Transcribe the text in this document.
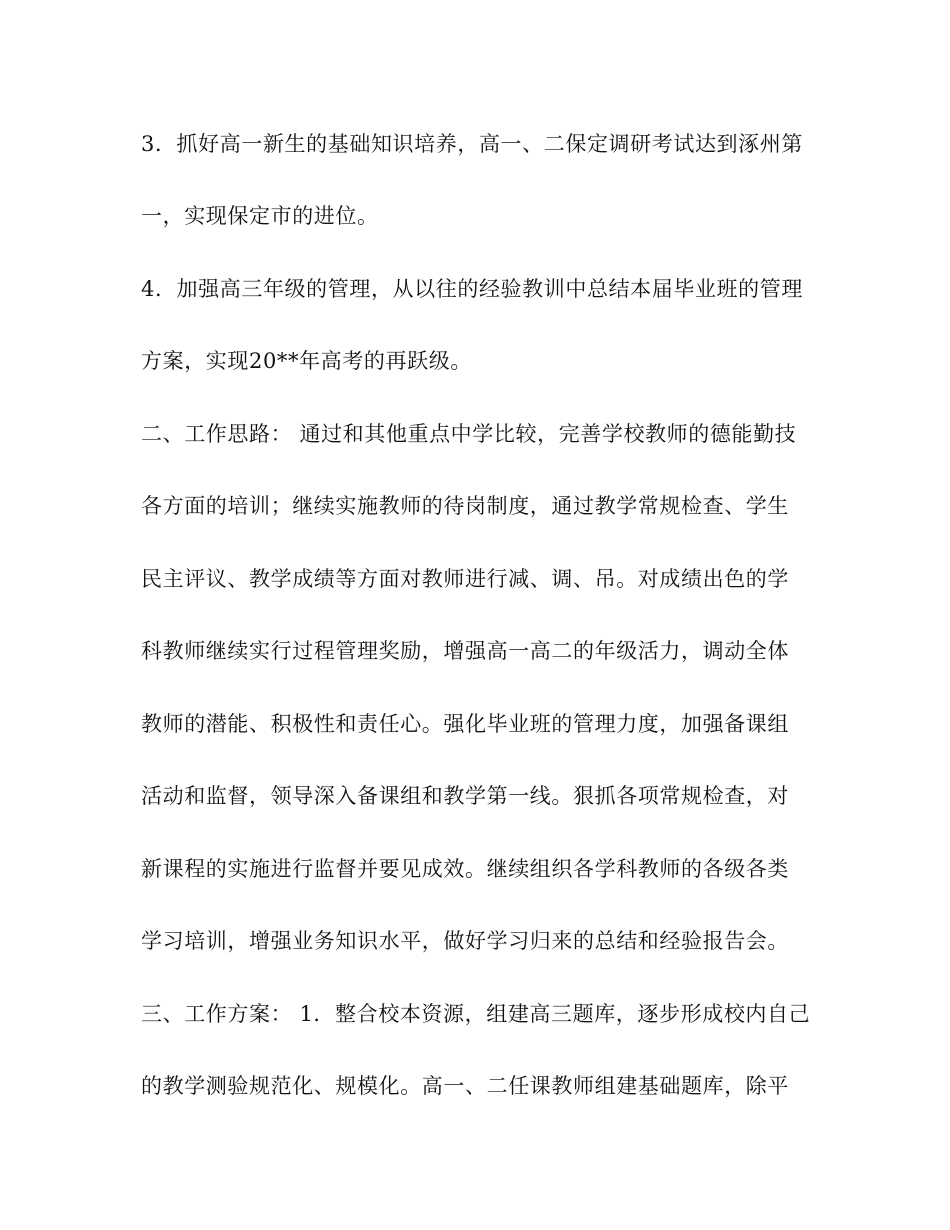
3．抓好高一新生的基础知识培养，高一、二保定调研考试达到涿州第
一，实现保定市的进位。
4．加强高三年级的管理，从以往的经验教训中总结本届毕业班的管理
方案，实现20**年高考的再跃级。
二、工作思路： 通过和其他重点中学比较，完善学校教师的德能勤技
各方面的培训；继续实施教师的待岗制度，通过教学常规检查、学生
民主评议、教学成绩等方面对教师进行减、调、吊。对成绩出色的学
科教师继续实行过程管理奖励，增强高一高二的年级活力，调动全体
教师的潜能、积极性和责任心。强化毕业班的管理力度，加强备课组
活动和监督，领导深入备课组和教学第一线。狠抓各项常规检查，对
新课程的实施进行监督并要见成效。继续组织各学科教师的各级各类
学习培训，增强业务知识水平，做好学习归来的总结和经验报告会。
三、工作方案： 1．整合校本资源，组建高三题库，逐步形成校内自己
的教学测验规范化、规模化。高一、二任课教师组建基础题库，除平
